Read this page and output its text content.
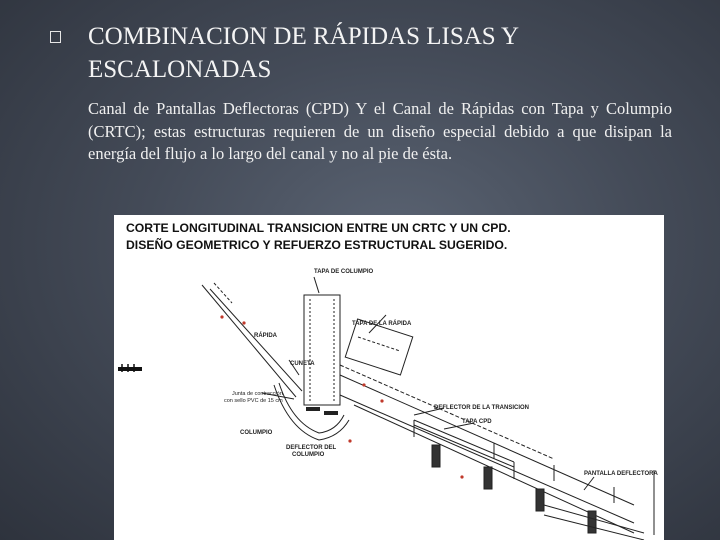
COMBINACION DE RÁPIDAS LISAS Y ESCALONADAS
Canal de Pantallas Deflectoras (CPD) Y el Canal de Rápidas con Tapa y Columpio (CRTC); estas estructuras requieren de un diseño especial debido a que disipan la energía del flujo a lo largo del canal y no al pie de ésta.
CORTE LONGITUDINAL TRANSICION ENTRE UN CRTC Y UN CPD.
DISEÑO GEOMETRICO Y REFUERZO ESTRUCTURAL SUGERIDO.
TAPA DE COLUMPIO
RÁPIDA
TAPA DE LA RÁPIDA
CUNETA
Junta de contracción
con sello PVC de 15 cm
COLUMPIO
DEFLECTOR DE LA TRANSICION
TAPA CPD
DEFLECTOR DEL
COLUMPIO
PANTALLA DEFLECTORA
